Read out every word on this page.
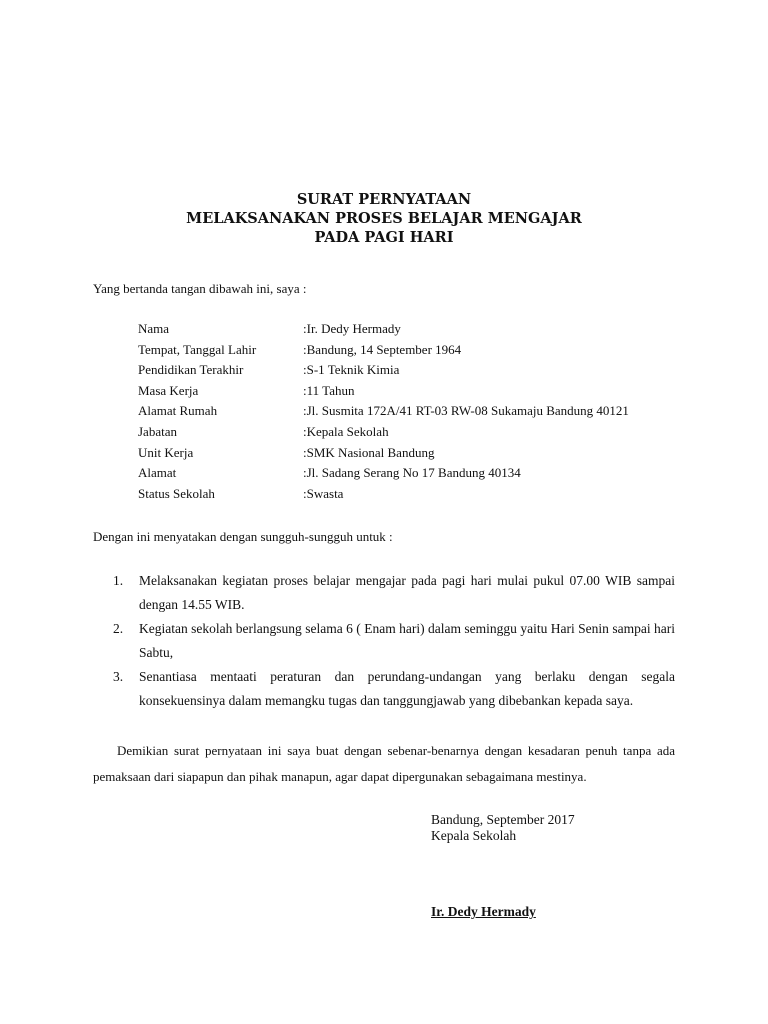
SURAT PERNYATAAN
MELAKSANAKAN PROSES BELAJAR MENGAJAR
PADA PAGI HARI
Yang bertanda tangan dibawah ini, saya :
Nama	:Ir. Dedy Hermady
Tempat, Tanggal Lahir	:Bandung, 14 September 1964
Pendidikan Terakhir	:S-1 Teknik Kimia
Masa Kerja	:11 Tahun
Alamat Rumah	:Jl. Susmita 172A/41 RT-03 RW-08 Sukamaju Bandung 40121
Jabatan	:Kepala Sekolah
Unit Kerja	:SMK Nasional Bandung
Alamat	:Jl. Sadang Serang No 17 Bandung 40134
Status Sekolah	:Swasta
Dengan ini menyatakan dengan sungguh-sungguh untuk :
1. Melaksanakan kegiatan proses belajar mengajar pada pagi hari mulai pukul 07.00 WIB sampai dengan 14.55 WIB.
2. Kegiatan sekolah berlangsung selama 6 ( Enam hari) dalam seminggu yaitu Hari Senin sampai hari Sabtu,
3. Senantiasa mentaati peraturan dan perundang-undangan yang berlaku dengan segala konsekuensinya dalam memangku tugas dan tanggungjawab yang dibebankan kepada saya.
Demikian surat pernyataan ini saya buat dengan sebenar-benarnya dengan kesadaran penuh tanpa ada pemaksaan dari siapapun dan pihak manapun, agar dapat dipergunakan sebagaimana mestinya.
Bandung, September 2017
Kepala Sekolah
Ir. Dedy Hermady
